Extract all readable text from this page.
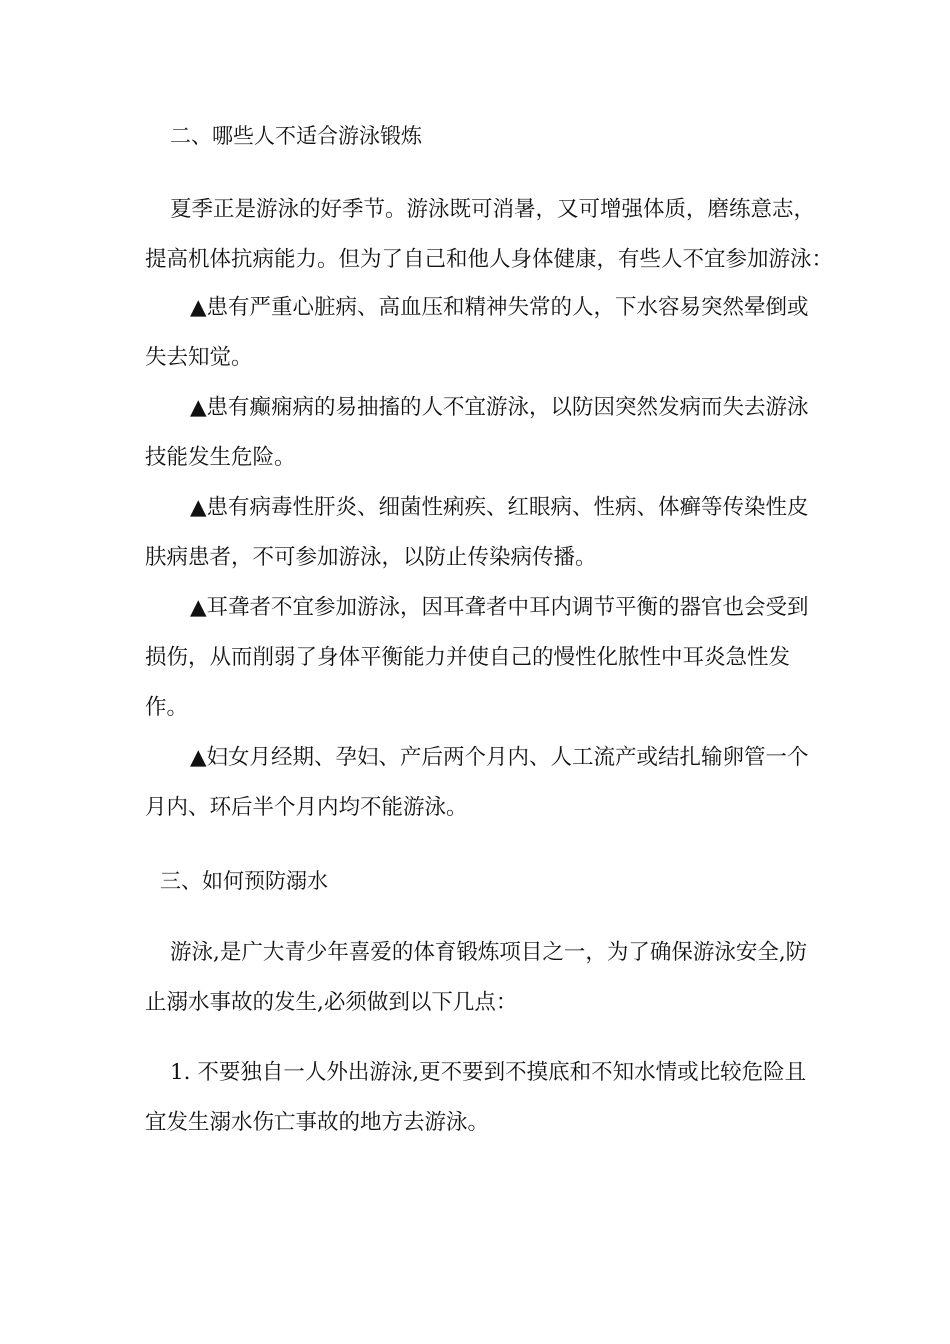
二、哪些人不适合游泳锻炼
夏季正是游泳的好季节。游泳既可消暑，又可增强体质，磨练意志，
提高机体抗病能力。但为了自己和他人身体健康，有些人不宜参加游泳：
▲患有严重心脏病、高血压和精神失常的人，下水容易突然晕倒或
失去知觉。
▲患有癫痫病的易抽搐的人不宜游泳，以防因突然发病而失去游泳
技能发生危险。
▲患有病毒性肝炎、细菌性痢疾、红眼病、性病、体癣等传染性皮
肤病患者，不可参加游泳，以防止传染病传播。
▲耳聋者不宜参加游泳，因耳聋者中耳内调节平衡的器官也会受到
损伤，从而削弱了身体平衡能力并使自己的慢性化脓性中耳炎急性发
作。
▲妇女月经期、孕妇、产后两个月内、人工流产或结扎输卵管一个
月内、环后半个月内均不能游泳。
三、如何预防溺水
游泳,是广大青少年喜爱的体育锻炼项目之一，为了确保游泳安全,防
止溺水事故的发生,必须做到以下几点：
1. 不要独自一人外出游泳,更不要到不摸底和不知水情或比较危险且
宜发生溺水伤亡事故的地方去游泳。
